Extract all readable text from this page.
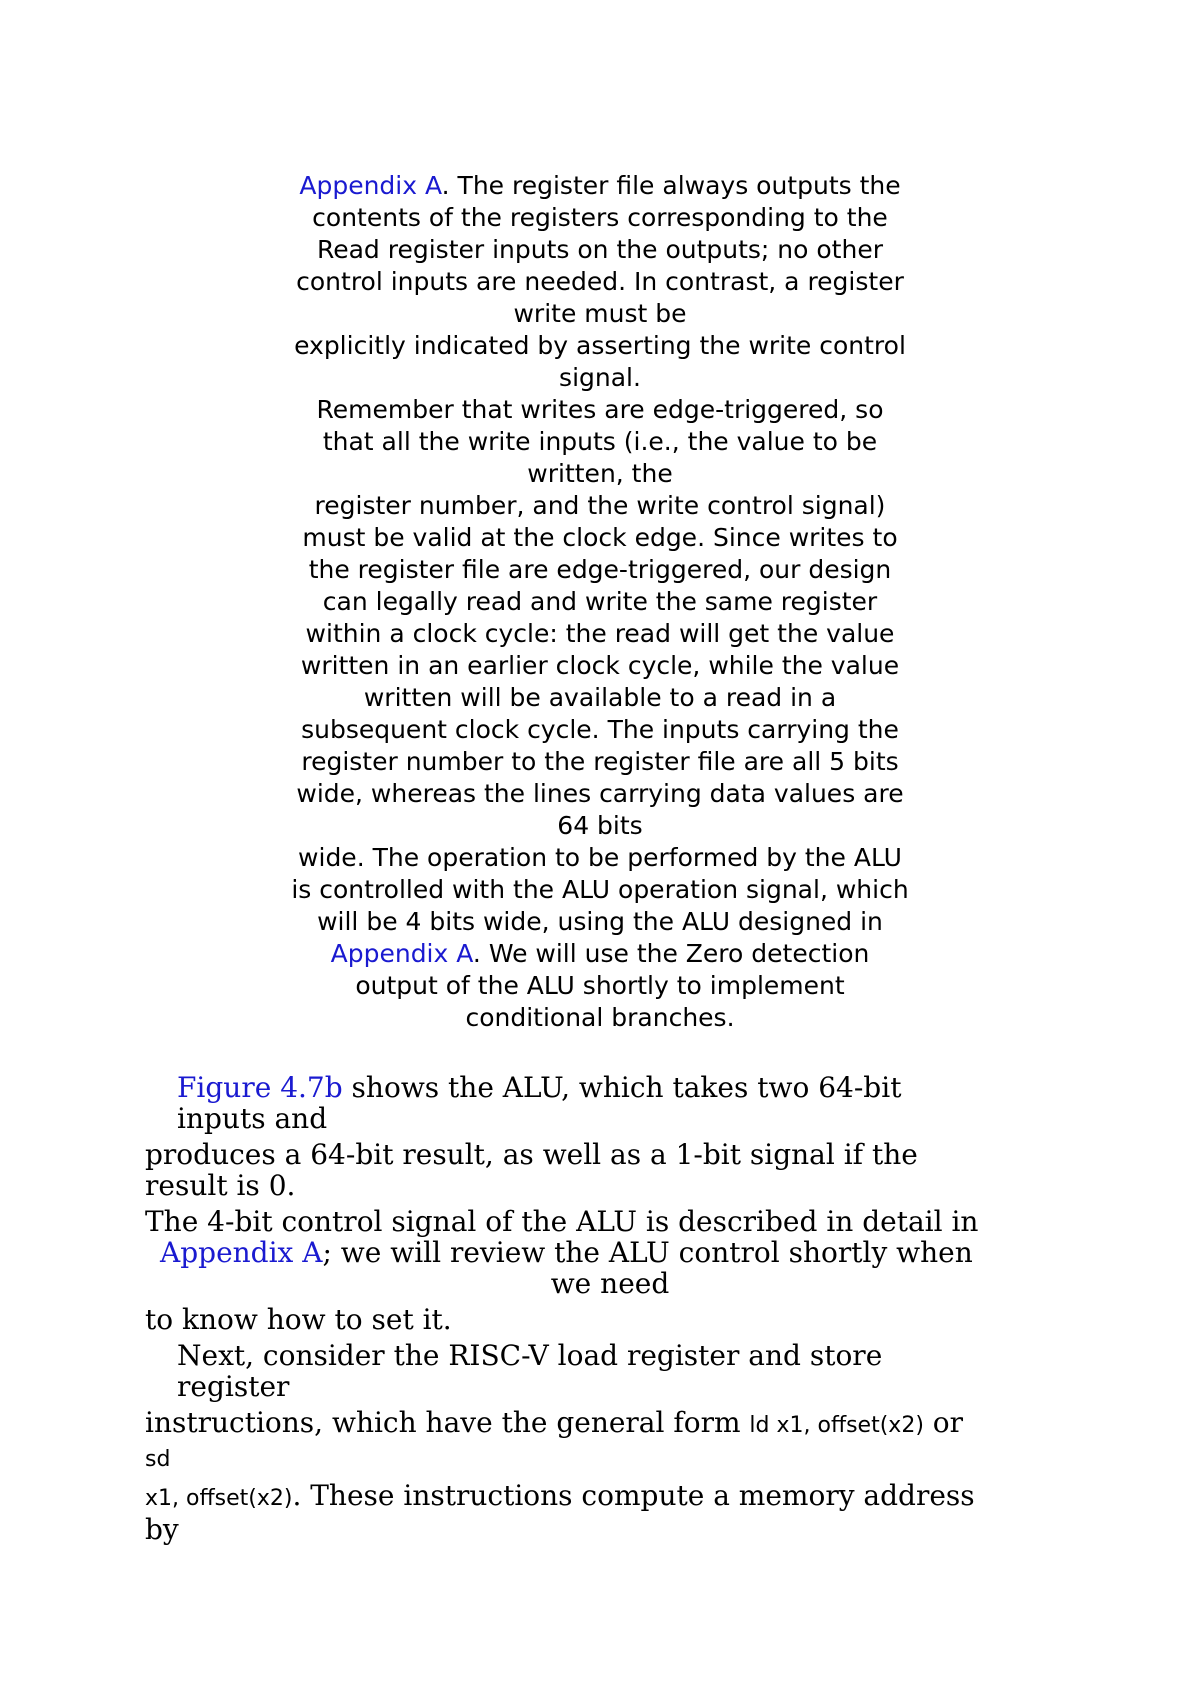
Appendix A. The register file always outputs the
contents of the registers corresponding to the
Read register inputs on the outputs; no other
control inputs are needed. In contrast, a register
write must be
explicitly indicated by asserting the write control
signal.
Remember that writes are edge-triggered, so
that all the write inputs (i.e., the value to be
written, the
register number, and the write control signal)
must be valid at the clock edge. Since writes to
the register file are edge-triggered, our design
can legally read and write the same register
within a clock cycle: the read will get the value
written in an earlier clock cycle, while the value
written will be available to a read in a
subsequent clock cycle. The inputs carrying the
register number to the register file are all 5 bits
wide, whereas the lines carrying data values are
64 bits
wide. The operation to be performed by the ALU
is controlled with the ALU operation signal, which
will be 4 bits wide, using the ALU designed in
Appendix A. We will use the Zero detection
output of the ALU shortly to implement
conditional branches.
Figure 4.7b shows the ALU, which takes two 64-bit
inputs and
produces a 64-bit result, as well as a 1-bit signal if the
result is 0.
The 4-bit control signal of the ALU is described in detail in
Appendix A; we will review the ALU control shortly when
we need
to know how to set it.
Next, consider the RISC-V load register and store
register
instructions, which have the general form ld x1, offset(x2) or
sd
x1, offset(x2). These instructions compute a memory address
by
